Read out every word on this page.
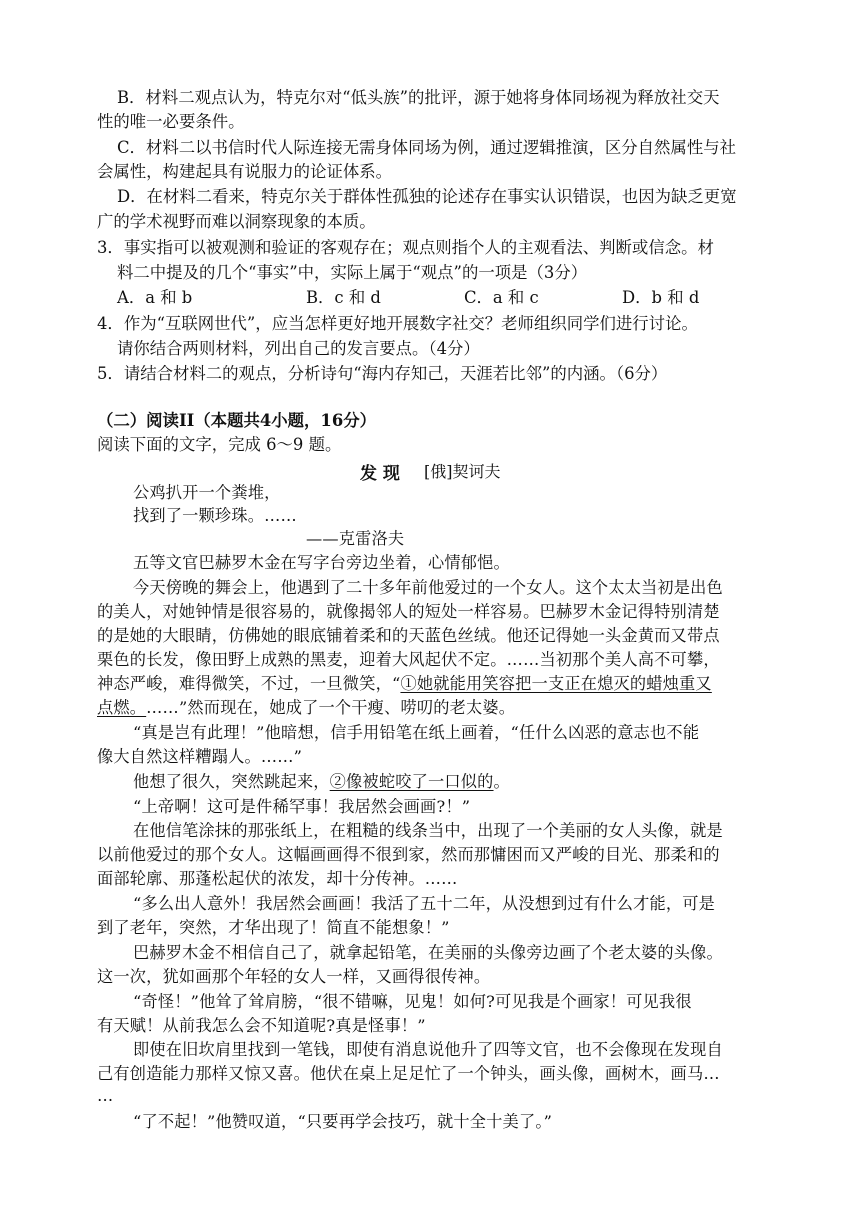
B．材料二观点认为，特克尔对“低头族”的批评，源于她将身体同场视为释放社交天
性的唯一必要条件。
C．材料二以书信时代人际连接无需身体同场为例，通过逻辑推演，区分自然属性与社
会属性，构建起具有说服力的论证体系。
D．在材料二看来，特克尔关于群体性孤独的论述存在事实认识错误，也因为缺乏更宽
广的学术视野而难以洞察现象的本质。
3．事实指可以被观测和验证的客观存在；观点则指个人的主观看法、判断或信念。材
料二中提及的几个“事实”中，实际上属于“观点”的一项是（3分）
A．a 和 b	B．c 和 d	C．a 和 c	D．b 和 d
4．作为“互联网世代”，应当怎样更好地开展数字社交？老师组织同学们进行讨论。
请你结合两则材料，列出自己的发言要点。（4分）
5．请结合材料二的观点，分析诗句“海内存知己，天涯若比邻”的内涵。（6分）
（二）阅读II（本题共4小题，16分）
阅读下面的文字，完成 6～9 题。
发 现 [俄]契诃夫
公鸡扒开一个粪堆，
找到了一颗珍珠。……
——克雷洛夫
五等文官巴赫罗木金在写字台旁边坐着，心情郁悒。
今天傍晚的舞会上，他遇到了二十多年前他爱过的一个女人。这个太太当初是出色
的美人，对她钟情是很容易的，就像揭邻人的短处一样容易。巴赫罗木金记得特别清楚
的是她的大眼睛，仿佛她的眼底铺着柔和的天蓝色丝绒。他还记得她一头金黄而又带点
栗色的长发，像田野上成熟的黑麦，迎着大风起伏不定。……当初那个美人高不可攀，
神态严峻，难得微笑，不过，一旦微笑，“①她就能用笑容把一支正在熄灭的蜡烛重又
点燃。……”然而现在，她成了一个干瘦、唠叨的老太婆。
“真是岂有此理！”他暗想，信手用铅笔在纸上画着，“任什么凶恶的意志也不能
像大自然这样糟蹋人。……”
他想了很久，突然跳起来，②像被蛇咬了一口似的。
“上帝啊！这可是件稀罕事！我居然会画画?！”
在他信笔涂抹的那张纸上，在粗糙的线条当中，出现了一个美丽的女人头像，就是
以前他爱过的那个女人。这幅画画得不很到家，然而那慵困而又严峻的目光、那柔和的
面部轮廓、那蓬松起伏的浓发，却十分传神。……
“多么出人意外！我居然会画画！我活了五十二年，从没想到过有什么才能，可是
到了老年，突然，才华出现了！简直不能想象！”
巴赫罗木金不相信自己了，就拿起铅笔，在美丽的头像旁边画了个老太婆的头像。
这一次，犹如画那个年轻的女人一样，又画得很传神。
“奇怪！”他耸了耸肩膀，“很不错嘛，见鬼！如何?可见我是个画家！可见我很
有天赋！从前我怎么会不知道呢?真是怪事！”
即使在旧坎肩里找到一笔钱，即使有消息说他升了四等文官，也不会像现在发现自
己有创造能力那样又惊又喜。他伏在桌上足足忙了一个钟头，画头像，画树木，画马…
…
“了不起！”他赞叹道，“只要再学会技巧，就十全十美了。”
